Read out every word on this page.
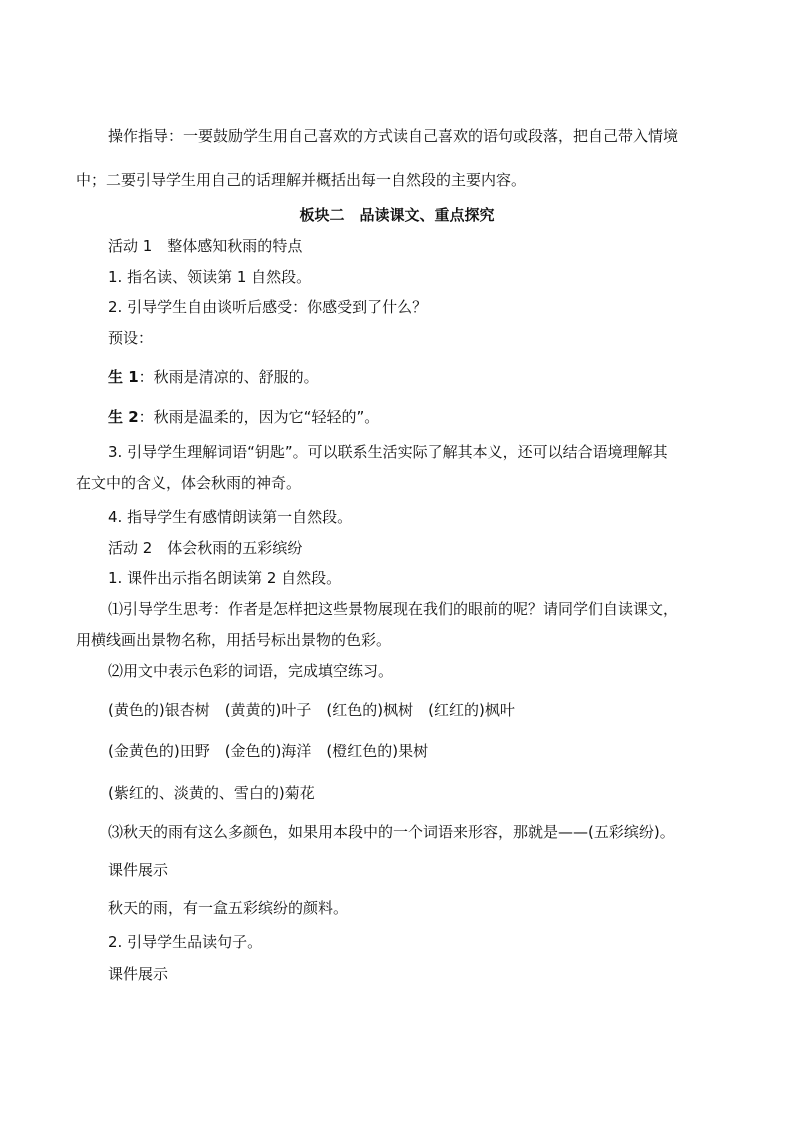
操作指导：一要鼓励学生用自己喜欢的方式读自己喜欢的语句或段落，把自己带入情境
中；二要引导学生用自己的话理解并概括出每一自然段的主要内容。
板块二　品读课文、重点探究
活动 1　整体感知秋雨的特点
1. 指名读、领读第 1 自然段。
2. 引导学生自由谈听后感受：你感受到了什么？
预设：
生 1：秋雨是清凉的、舒服的。
生 2：秋雨是温柔的，因为它“轻轻的”。
3. 引导学生理解词语“钥匙”。可以联系生活实际了解其本义，还可以结合语境理解其
在文中的含义，体会秋雨的神奇。
4. 指导学生有感情朗读第一自然段。
活动 2　体会秋雨的五彩缤纷
1. 课件出示指名朗读第 2 自然段。
⑴引导学生思考：作者是怎样把这些景物展现在我们的眼前的呢？请同学们自读课文，
用横线画出景物名称，用括号标出景物的色彩。
⑵用文中表示色彩的词语，完成填空练习。
(黄色的)银杏树　(黄黄的)叶子　(红色的)枫树　(红红的)枫叶
(金黄色的)田野　(金色的)海洋　(橙红色的)果树
(紫红的、淡黄的、雪白的)菊花
⑶秋天的雨有这么多颜色，如果用本段中的一个词语来形容，那就是——(五彩缤纷)。
课件展示
秋天的雨，有一盒五彩缤纷的颜料。
2. 引导学生品读句子。
课件展示
